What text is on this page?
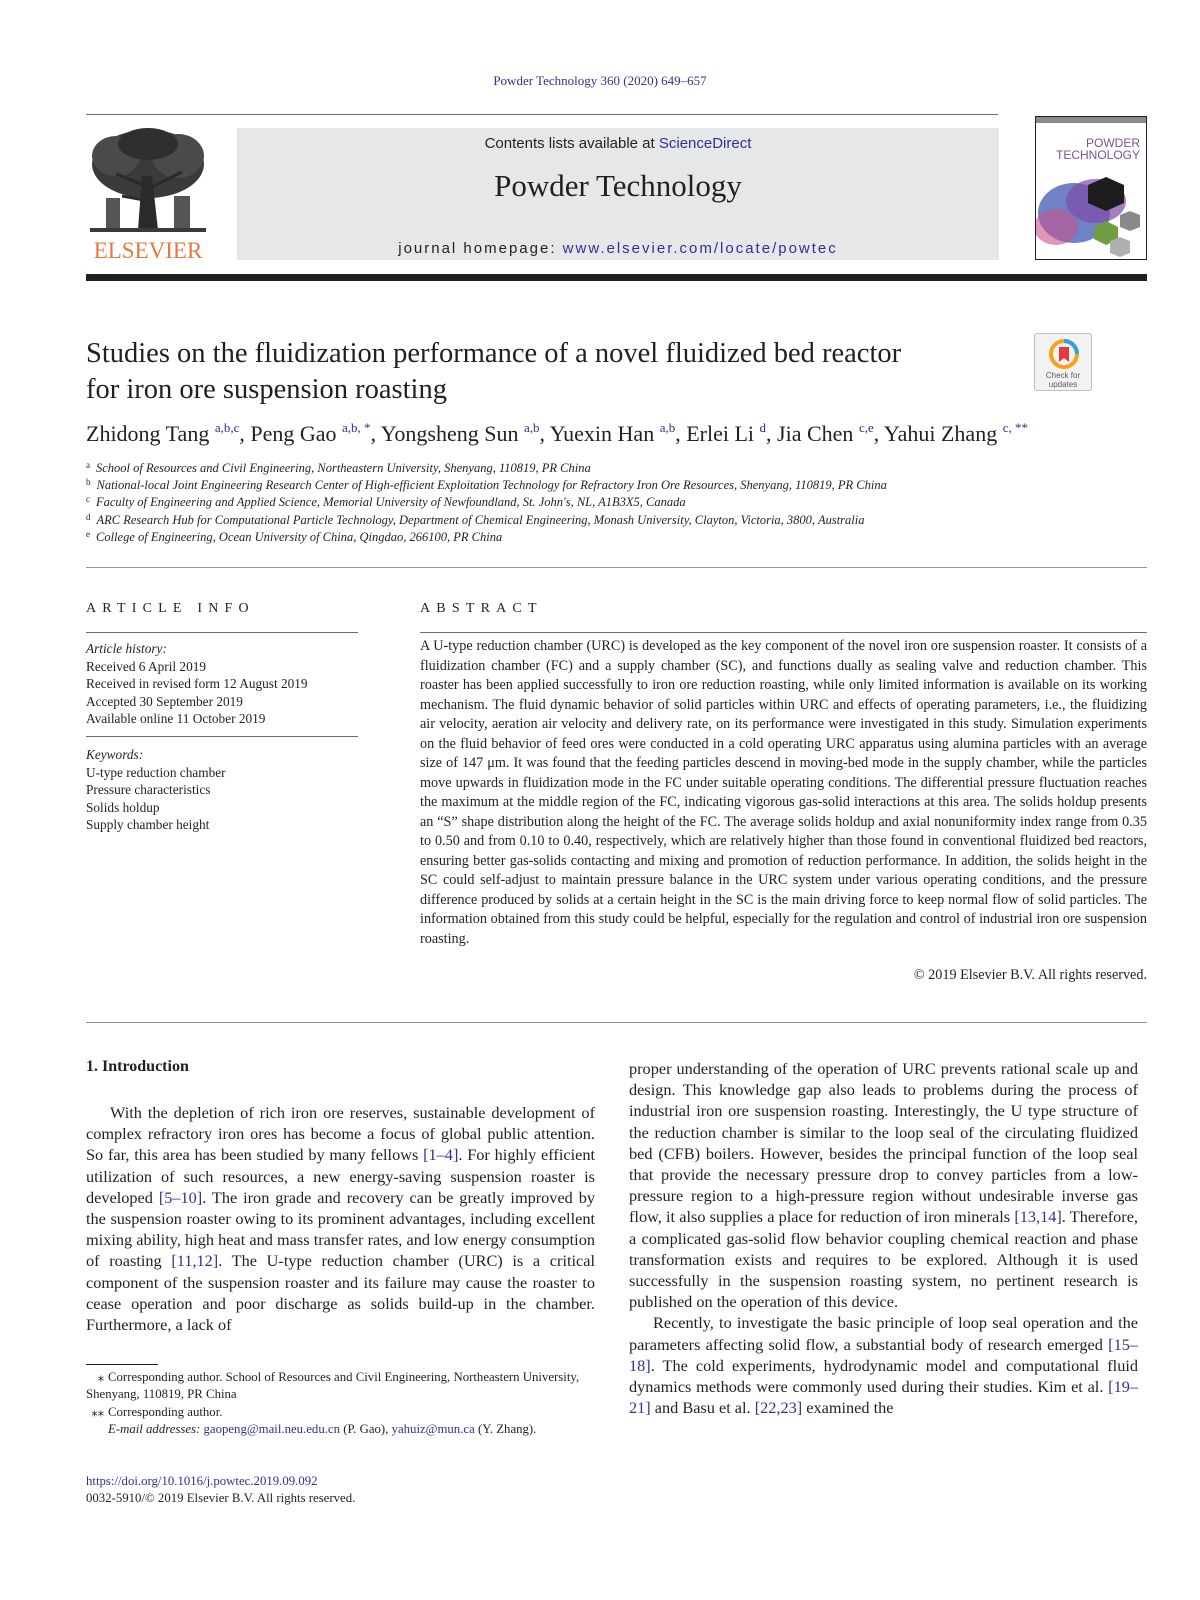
Powder Technology 360 (2020) 649–657
ELSEVIER
Contents lists available at ScienceDirect
Powder Technology
journal homepage: www.elsevier.com/locate/powtec
POWDER
TECHNOLOGY
Studies on the fluidization performance of a novel fluidized bed reactor
for iron ore suspension roasting	Check for
updates
Zhidong Tang $^{a,b,c}$, Peng Gao $^{a,b, *}$, Yongsheng Sun $^{a,b}$, Yuexin Han $^{a,b}$, Erlei Li $^d$, Jia Chen $^{c,e}$, Yahui Zhang $^{c, **}$
$^a$ School of Resources and Civil Engineering, Northeastern University, Shenyang, 110819, PR China
$^b$ National-local Joint Engineering Research Center of High-efficient Exploitation Technology for Refractory Iron Ore Resources, Shenyang, 110819, PR China
$^c$ Faculty of Engineering and Applied Science, Memorial University of Newfoundland, St. John's, NL, A1B3X5, Canada
$^d$ ARC Research Hub for Computational Particle Technology, Department of Chemical Engineering, Monash University, Clayton, Victoria, 3800, Australia
$^e$ College of Engineering, Ocean University of China, Qingdao, 266100, PR China
ARTICLE INFO	ABSTRACT
Article history:
Received 6 April 2019
Received in revised form 12 August 2019
Accepted 30 September 2019
Available online 11 October 2019
Keywords:
U-type reduction chamber
Pressure characteristics
Solids holdup
Supply chamber height
A U-type reduction chamber (URC) is developed as the key component of the novel iron ore suspension roaster. It consists of a fluidization chamber (FC) and a supply chamber (SC), and functions dually as sealing valve and reduction chamber. This roaster has been applied successfully to iron ore reduction roasting, while only limited information is available on its working mechanism. The fluid dynamic behavior of solid particles within URC and effects of operating parameters, i.e., the fluidizing air velocity, aeration air velocity and delivery rate, on its performance were investigated in this study. Simulation experiments on the fluid behavior of feed ores were conducted in a cold operating URC apparatus using alumina particles with an average size of 147 μm. It was found that the feeding particles descend in moving-bed mode in the supply chamber, while the particles move upwards in fluidization mode in the FC under suitable operating conditions. The differential pressure fluctuation reaches the maximum at the middle region of the FC, indicating vigorous gas-solid interactions at this area. The solids holdup presents an “S” shape distribution along the height of the FC. The average solids holdup and axial nonuniformity index range from 0.35 to 0.50 and from 0.10 to 0.40, respectively, which are relatively higher than those found in conventional fluidized bed reactors, ensuring better gas-solids contacting and mixing and promotion of reduction performance. In addition, the solids height in the SC could self-adjust to maintain pressure balance in the URC system under various operating conditions, and the pressure difference produced by solids at a certain height in the SC is the main driving force to keep normal flow of solid particles. The information obtained from this study could be helpful, especially for the regulation and control of industrial iron ore suspension roasting.
© 2019 Elsevier B.V. All rights reserved.
1. Introduction

With the depletion of rich iron ore reserves, sustainable development of complex refractory iron ores has become a focus of global public attention. So far, this area has been studied by many fellows [1–4]. For highly efficient utilization of such resources, a new energy-saving suspension roaster is developed [5–10]. The iron grade and recovery can be greatly improved by the suspension roaster owing to its prominent advantages, including excellent mixing ability, high heat and mass transfer rates, and low energy consumption of roasting [11,12]. The U-type reduction chamber (URC) is a critical component of the suspension roaster and its failure may cause the roaster to cease operation and poor discharge as solids build-up in the chamber. Furthermore, a lack of

proper understanding of the operation of URC prevents rational scale up and design. This knowledge gap also leads to problems during the process of industrial iron ore suspension roasting. Interestingly, the U type structure of the reduction chamber is similar to the loop seal of the circulating fluidized bed (CFB) boilers. However, besides the principal function of the loop seal that provide the necessary pressure drop to convey particles from a low-pressure region to a high-pressure region without undesirable inverse gas flow, it also supplies a place for reduction of iron minerals [13,14]. Therefore, a complicated gas-solid flow behavior coupling chemical reaction and phase transformation exists and requires to be explored. Although it is used successfully in the suspension roasting system, no pertinent research is published on the operation of this device.

Recently, to investigate the basic principle of loop seal operation and the parameters affecting solid flow, a substantial body of research emerged [15–18]. The cold experiments, hydrodynamic model and computational fluid dynamics methods were commonly used during their studies. Kim et al. [19–21] and Basu et al. [22,23] examined the

⁎ Corresponding author. School of Resources and Civil Engineering, Northeastern University, Shenyang, 110819, PR China
⁎⁎ Corresponding author.
E-mail addresses: gaopeng@mail.neu.edu.cn (P. Gao), yahuiz@mun.ca (Y. Zhang).
https://doi.org/10.1016/j.powtec.2019.09.092
0032-5910/© 2019 Elsevier B.V. All rights reserved.
